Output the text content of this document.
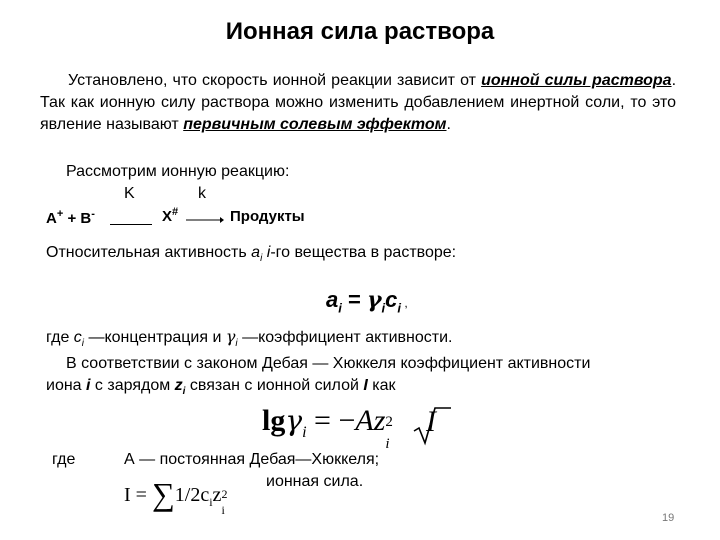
Ионная сила раствора
Установлено, что скорость ионной реакции зависит от ионной силы раствора. Так как ионную силу раствора можно изменить добавлением инертной соли, то это явление называют первичным солевым эффектом.
Рассмотрим ионную реакцию:
K	k
A+ + B-	X# → Продукты
Относительная активность $a_i$ i-го вещества в растворе:
$a_i = \gamma_ic_i$ ,
где $c_i$ —концентрация и $\gamma_i$ —коэффициент активности.
В соответствии с законом Дебая — Хюккеля коэффициент активности
иона i с зарядом $z_i$ связан с ионной силой I как
lgγ$_i$ = −Az 2
i
I
где	А — постоянная Дебая—Хюккеля;
$I = \sum 1/2c_iz$ 2
i
ионная сила.
19
